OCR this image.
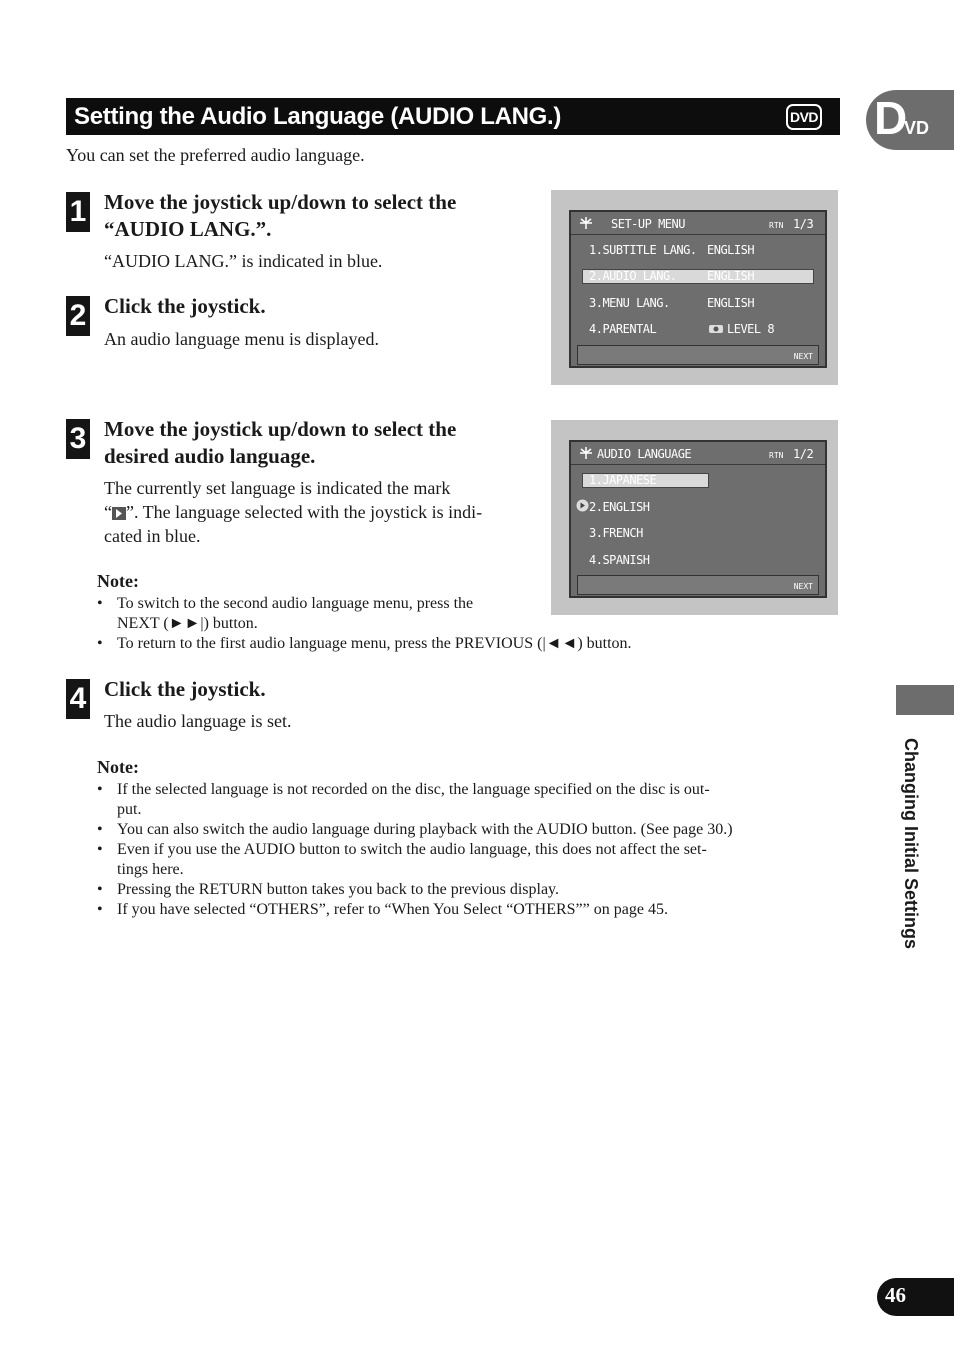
Setting the Audio Language (AUDIO LANG.)	DVD D
VD
You can set the preferred audio language.
1 Move the joystick up/down to select the
“AUDIO LANG.”.
“AUDIO LANG.” is indicated in blue.
2 Click the joystick.
An audio language menu is displayed.
SET-UP MENU	RTN 1/3
1.SUBTITLE LANG. ENGLISH
2.AUDIO LANG.	ENGLISH
3.MENU LANG.	ENGLISH
4.PARENTAL	LEVEL 8
NEXT
3 Move the joystick up/down to select the
desired audio language.
The currently set language is indicated the mark
“ ”. The language selected with the joystick is indi-
cated in blue.
AUDIO LANGUAGE	RTN 1/2
1.JAPANESE
2.ENGLISH
3.FRENCH
4.SPANISH
NEXT
Note:
• To switch to the second audio language menu, press the
NEXT (►►|) button.
• To return to the first audio language menu, press the PREVIOUS (|◄◄) button.
4 Click the joystick.
The audio language is set.
Note:
• If the selected language is not recorded on the disc, the language specified on the disc is out-
put.
• You can also switch the audio language during playback with the AUDIO button. (See page 30.)
• Even if you use the AUDIO button to switch the audio language, this does not affect the set-
tings here.
• Pressing the RETURN button takes you back to the previous display.
• If you have selected “OTHERS”, refer to “When You Select “OTHERS”” on page 45.	Changing Initial Settings
46
